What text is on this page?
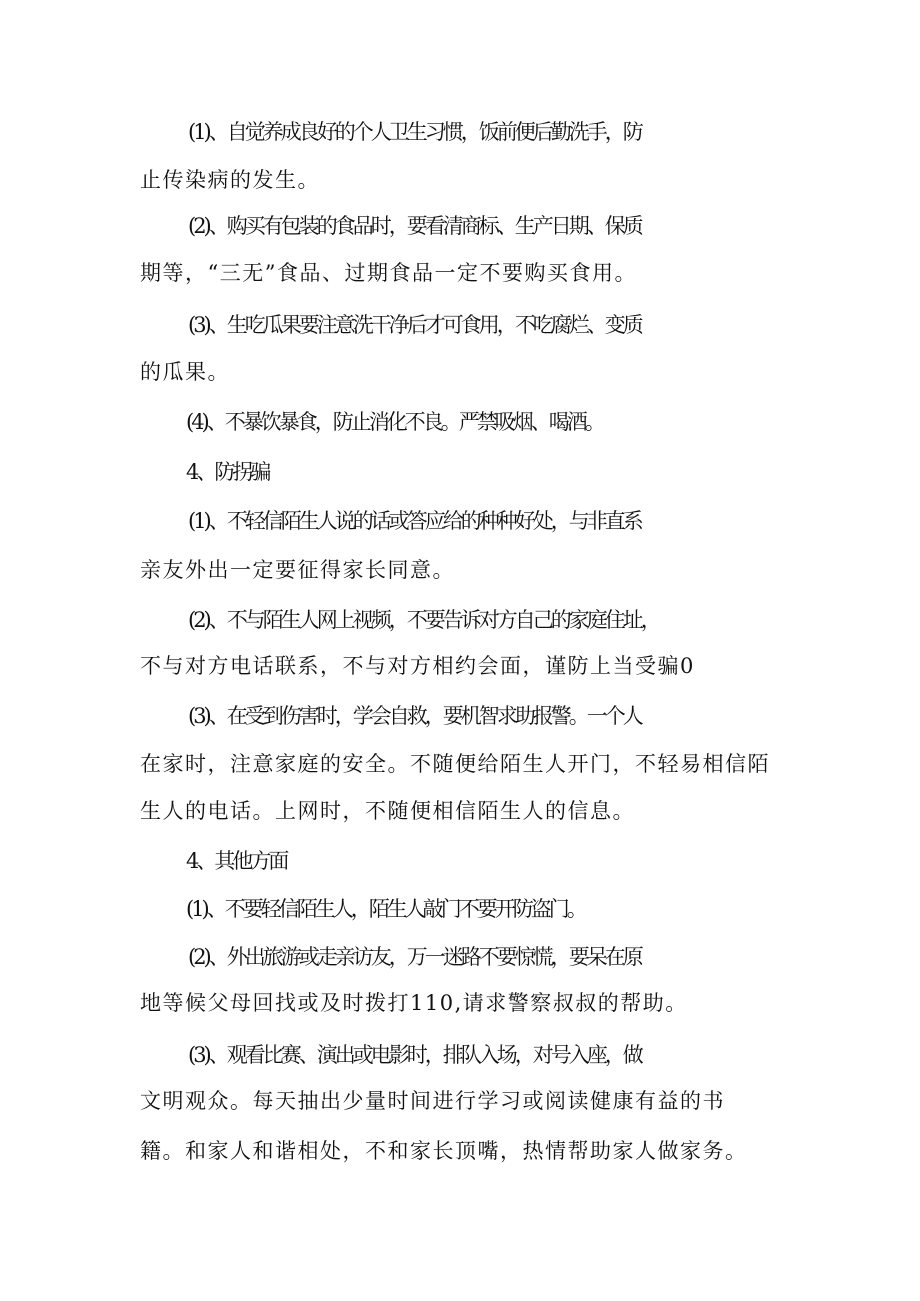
(1)、自觉养成良好的个人卫生习惯，饭前便后勤洗手，防
止传染病的发生。
(2)、购买有包装的食品时，要看清商标、生产日期、保质
期等，“三无”食品、过期食品一定不要购买食用。
(3)、生吃瓜果要注意洗干净后才可食用，不吃腐烂、变质
的瓜果。
(4)、不暴饮暴食，防止消化不良。严禁吸烟、喝酒。
4、防拐骗
(1)、不轻信陌生人说的话或答应给的种种好处，与非直系
亲友外出一定要征得家长同意。
(2)、不与陌生人网上视频，不要告诉对方自己的家庭住址，
不与对方电话联系，不与对方相约会面，谨防上当受骗0
(3)、在受到伤害时，学会自救，要机智求助报警。一个人
在家时，注意家庭的安全。不随便给陌生人开门，不轻易相信陌
生人的电话。上网时，不随便相信陌生人的信息。
4、其他方面
(1)、不要轻信陌生人，陌生人敲门不要开防盗门。
(2)、外出旅游或走亲访友，万一迷路不要惊慌，要呆在原
地等候父母回找或及时拨打110,请求警察叔叔的帮助。
(3)、观看比赛、演出或电影时，排队入场，对号入座，做
文明观众。每天抽出少量时间进行学习或阅读健康有益的书
籍。和家人和谐相处，不和家长顶嘴，热情帮助家人做家务。
